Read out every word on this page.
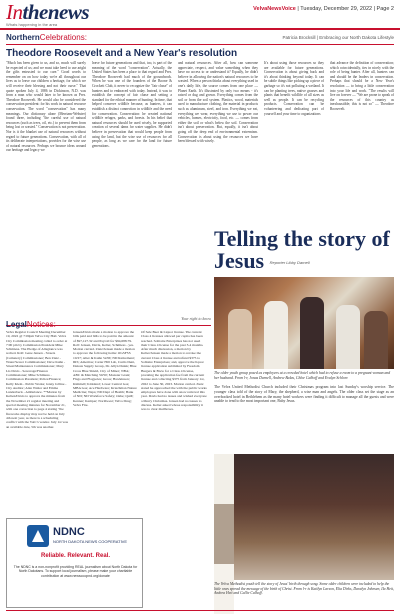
Inthenews
Whats happening in the area
VelvaNewsVoice | Tuesday, December 29, 2022 | Page 2
NorthernCelebrations:	Patricia Brocksill | Embracing our North Dakota Lifestyle
Theodore Roosevelt and a New Year's resolution
"Much has been given to us, and so, much will surely be expected of us; and we must take heed to use aright the gifts entrusted to our care." Good words to remember on on how today we're all throughout our lives as to leave our children a heritage, for which we will receive their blessing and not their curse." That quote spoken July 4, 1886 in Dickinson, N.D. was from a man who would later to be known as Pres. Theodore Roosevelt. He would also be considered the conservation president: for his work in natural resource conservation. The word "conservation" has many meanings. Our dictionary alone (Merriam-Webster) found three, including "the careful use of natural resources (such as trees, oil, etc.) to prevent them from being lost or wasted." Conservation is not preservation. Nor is it the blanket use of natural resources without regard to future generations. Conservation, with all of its deliberate interpretations, provides for the wise use of natural resources. Perhaps we bounce ideas around our heritage and legacy we
leave for future generations and that, too, is part of the meaning of the word "conservation". Actually, the United States has been a place to that regard and Pres. Theodore Roosevelt had much of the groundwork. When he was one of the founders of the Boone & Crockett Club, it never to recognize the "fair chase" of hunters and to embraced with today. Instead, it was to establish the concept of fair chase and setting a standard for the ethical manner of hunting. In time, that helped conserve wildlife because, as hunters, it can establish a distinct connection in wildlife and the need for conservation. Conservation: he created national wildlife refuges, parks, and forests. In his belief that natural resources should be used wisely, he supported creation of several dams for water supplies. He didn't believe in preservation that would keep people from using the land, but the wise use of resources for all people, as long as we care for the land for future generations.
and natural resources. After all, how can someone appreciate, respect, and value something when they have no access to or understand it? Equally, he didn't believe in allowing the nation's natural resources to be wasted. When a person thinks about everything used in one's daily life, the source comes from one place — Planet Earth. It's illustrated by only two means - it's raised or dug and grown. Everything comes from the soil or from the soil system. Plastics, wood, materials used to manufacture clothing, the material in products such as aluminum, steel, and iron. Everything we eat, everything we wear, everything we use to power our vehicles, homes, electricity, food, etc. — comes from either the soil or what's below the soil. Conservation isn't about preservation. But, equally, it isn't about going off the deep end of environmental extremism. Conservation is about using the resources we have been blessed with wisely.
It's about using those resources so they are available for future generations. Conservation is about giving back and it's about thinking beyond today. It can be subtle things like picking up a piece of garbage so it's not polluting a wetland. It can be planting trees, native grasses and plants that benefit wildlife of all sizes as well as people. It can be recycling products. Conservation can be volunteering and dedicating part of yourself and your time to organizations
that advance the definition of conservation; which coincidentally, ties in nicely with the role of being hunter. After all, hunters can and should be the leaders in conservation. Perhaps that should be a New Year's resolution — to bring a little conservation into your life and work. "The results will live on forever — "We are prone to speak of the resources of this country as inexhaustible; this is not so" — Theodore Roosevelt.
Telling the story of Jesus Reporter Libby Darnell
The older youth group posed as employees at a crowded hotel which had to refuse a room to a pregnant woman and her husband. From l-r, Jonas Darnell, Andrew Balas, Chloe Calhoff and Evalyn Schlorr.
The Velva United Methodist Church included their Christmas program into last Sunday's worship service. The younger class told of the story of Mary, the shepherd, a wise man and angels. The older class set the stage as an overbooked hotel in Bethlehem as the many hotel workers were finding it difficult to manage all the guests and were unable to tend to the most important one, Baby Jesus.
The Velva Methodist youth tell the story of Jesus' birth through song. Some older children were included to help the little ones spread the message of the birth of Christ. From l-r is Kaitlyn Larson, Elia Dirks, Daralyn Johnsen, Ila Heit, Andrea Heit and Callie Calhoff.
LegalNotices:
Your right to know
Velva Regular Council Meeting December 19, 2022 @ 7:00pm Velva City Hall. Velva City Commission meeting called to order at 7:00 pm by Commission President Mike Schmiess. The Pledge of Allegiance was recited. Roll: Gene Jensen - Streets (Cemetery) Commissioner; Ben Zietz - Water/Sewer Commissioner; Dave Kuhn - Street/Maintenance Commissioner; Mary Lis Davis - Sewerage/Finance Commissioner; Mike Schmiess - Commission President; Police/Finance; Kelly Klein - Public Works; Jenny Jolline - City Auditor; Alan Walter and Emma Lunderbeck - Ambulance. **Motion by Kelten/Davis to approve the minutes from the November 21 regular meeting and special meeting minutes for November 21, with one correction to page 4 stating "the fireworks display may not be held on July 4th next year, as there is a scheduling conflict with the VAC's vendor. July 1st was an available date, 5th was another.
Jensen/Davis made a motion to approve the bills paid and bills to be paid in the amount of $97,127.32 and Payroll for $94,688.79. Roll: Jensen, Davis, Kelter, Schmiess - yes. Motion carried. Zietz/Jensen made a motion to approve the following items: OGSFSS 10/27; Alter & Kuhn 52/M; ND Retirement; IRS; Ameritas; Carter Hill Lab, Curtis Dent, Dakota Supply Group, Dr. Allyn Dulek; Blue Cross Blue Shield, City of Minot; NBA; ABC & Matching 50/50; Monster Grant; Flags and Flagpoles; Gross; Hawkinson; Kimmell; Kirkland; Lower Central Gas; MBA Gas; Ace Hardware; Kriechman Nature Medicine; Napa; ND Dept of Health; Bank of ND; ND Workforce Safety; Oahe; Quill; Kenner; Kemper; Northwest; Velva Drug; Velva Fire.
Of Sale Beer & Liquor license. The current Class 4 licenses allowed per capita has been reached. Solitaire Enterprises has not used their Class 4 license for the past 3-4 months. After much discussion, a motion by Kelter/Jensen made a motion to revoke the current Class 4 license and refund $375 to Solitaire Enterprises; and, approve the liquor license application submitted by Freedom Burgers & Brew for a Class 4 license, prorating the application fee from the current license and collecting $375 from January 1st, 2022 to June 30, 2023. Motion carried. Zietz stated he approached the with the public works employees have done with snow removal this year. Davis had no issues and wished everyone a Merry Christmas. Jensen had no issues to discuss. Kelter asked whose responsibility it was to clear mailboxes.
NDNC
NORTH DAKOTA NEWS COOPERATIVE
Reliable. Relevant. Real.
The NDNC is a non-nonprofit providing REAL journalism about North Dakota for North Dakotans. To support local journalism, please make your charitable contribution at www.newscoopnd.org/donate
